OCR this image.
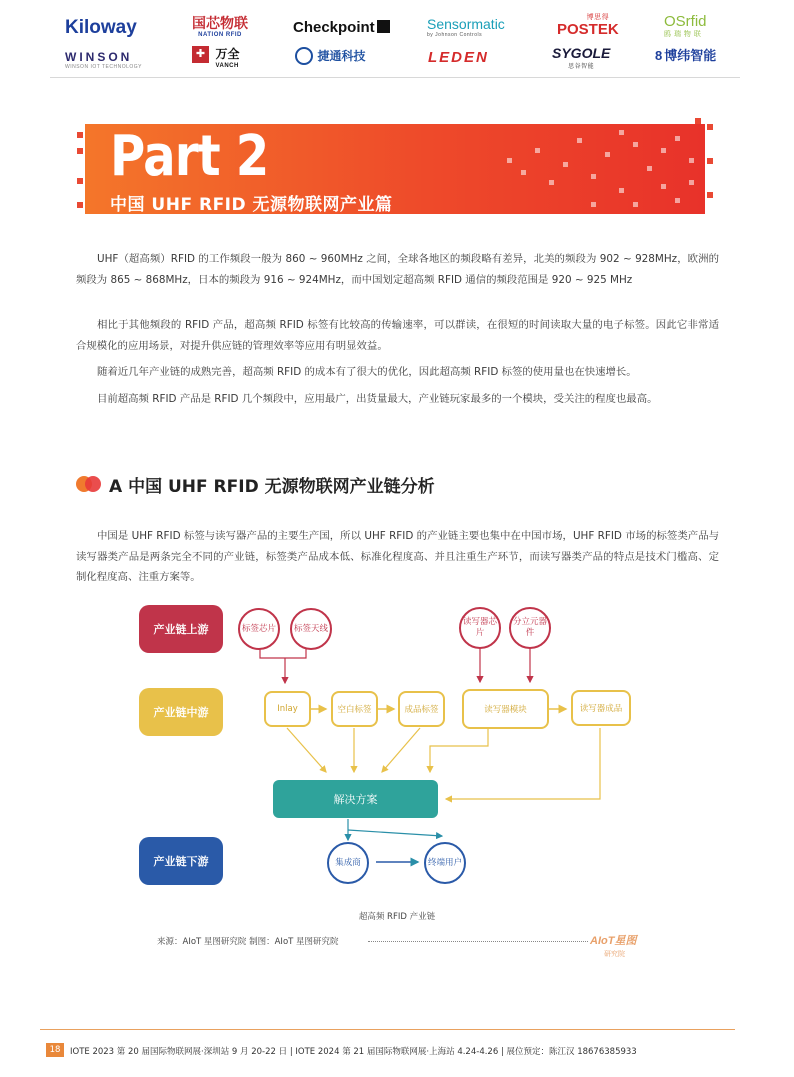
Kiloway	国芯物联
NATION RFID	Checkpoint	Sensormatic
by Johnson Controls
博思得
POSTEK	OSrfid
鸥 瑞 物 联
WINSON
WINSON IOT TECHNOLOGY
✚ 万全
VANCH
捷通科技	LEDEN	SYGOLE
思谷智能
8 博纬智能
Part 2
中国 UHF RFID 无源物联网产业篇

UHF（超高频）RFID 的工作频段一般为 860 ~ 960MHz 之间，全球各地区的频段略有差异，北美的频段为 902 ~ 928MHz，欧洲的频段为 865 ~ 868MHz，日本的频段为 916 ~ 924MHz，而中国划定超高频 RFID 通信的频段范围是 920 ~ 925 MHz

相比于其他频段的 RFID 产品，超高频 RFID 标签有比较高的传输速率，可以群读，在很短的时间读取大量的电子标签。因此它非常适合规模化的应用场景，对提升供应链的管理效率等应用有明显效益。

随着近几年产业链的成熟完善，超高频 RFID 的成本有了很大的优化，因此超高频 RFID 标签的使用量也在快速增长。

目前超高频 RFID 产品是 RFID 几个频段中，应用最广，出货量最大，产业链玩家最多的一个模块，受关注的程度也最高。

A 中国 UHF RFID 无源物联网产业链分析

中国是 UHF RFID 标签与读写器产品的主要生产国，所以 UHF RFID 的产业链主要也集中在中国市场，UHF RFID 市场的标签类产品与读写器类产品是两条完全不同的产业链，标签类产品成本低、标准化程度高、并且注重生产环节，而读写器类产品的特点是技术门槛高、定制化程度高、注重方案等。

产业链上游
产业链中游
产业链下游
标签芯片	标签天线
读写器芯片
分立元器件
Inlay	空白标签	成品标签	读写器模块	读写器成品
解决方案
集成商	终端用户
超高频 RFID 产业链
来源：AIoT 星图研究院 制图：AIoT 星图研究院	AIoT星图
研究院
18	IOTE 2023 第 20 届国际物联网展·深圳站 9 月 20-22 日 | IOTE 2024 第 21 届国际物联网展·上海站 4.24-4.26 | 展位预定：陈江汉 18676385933
